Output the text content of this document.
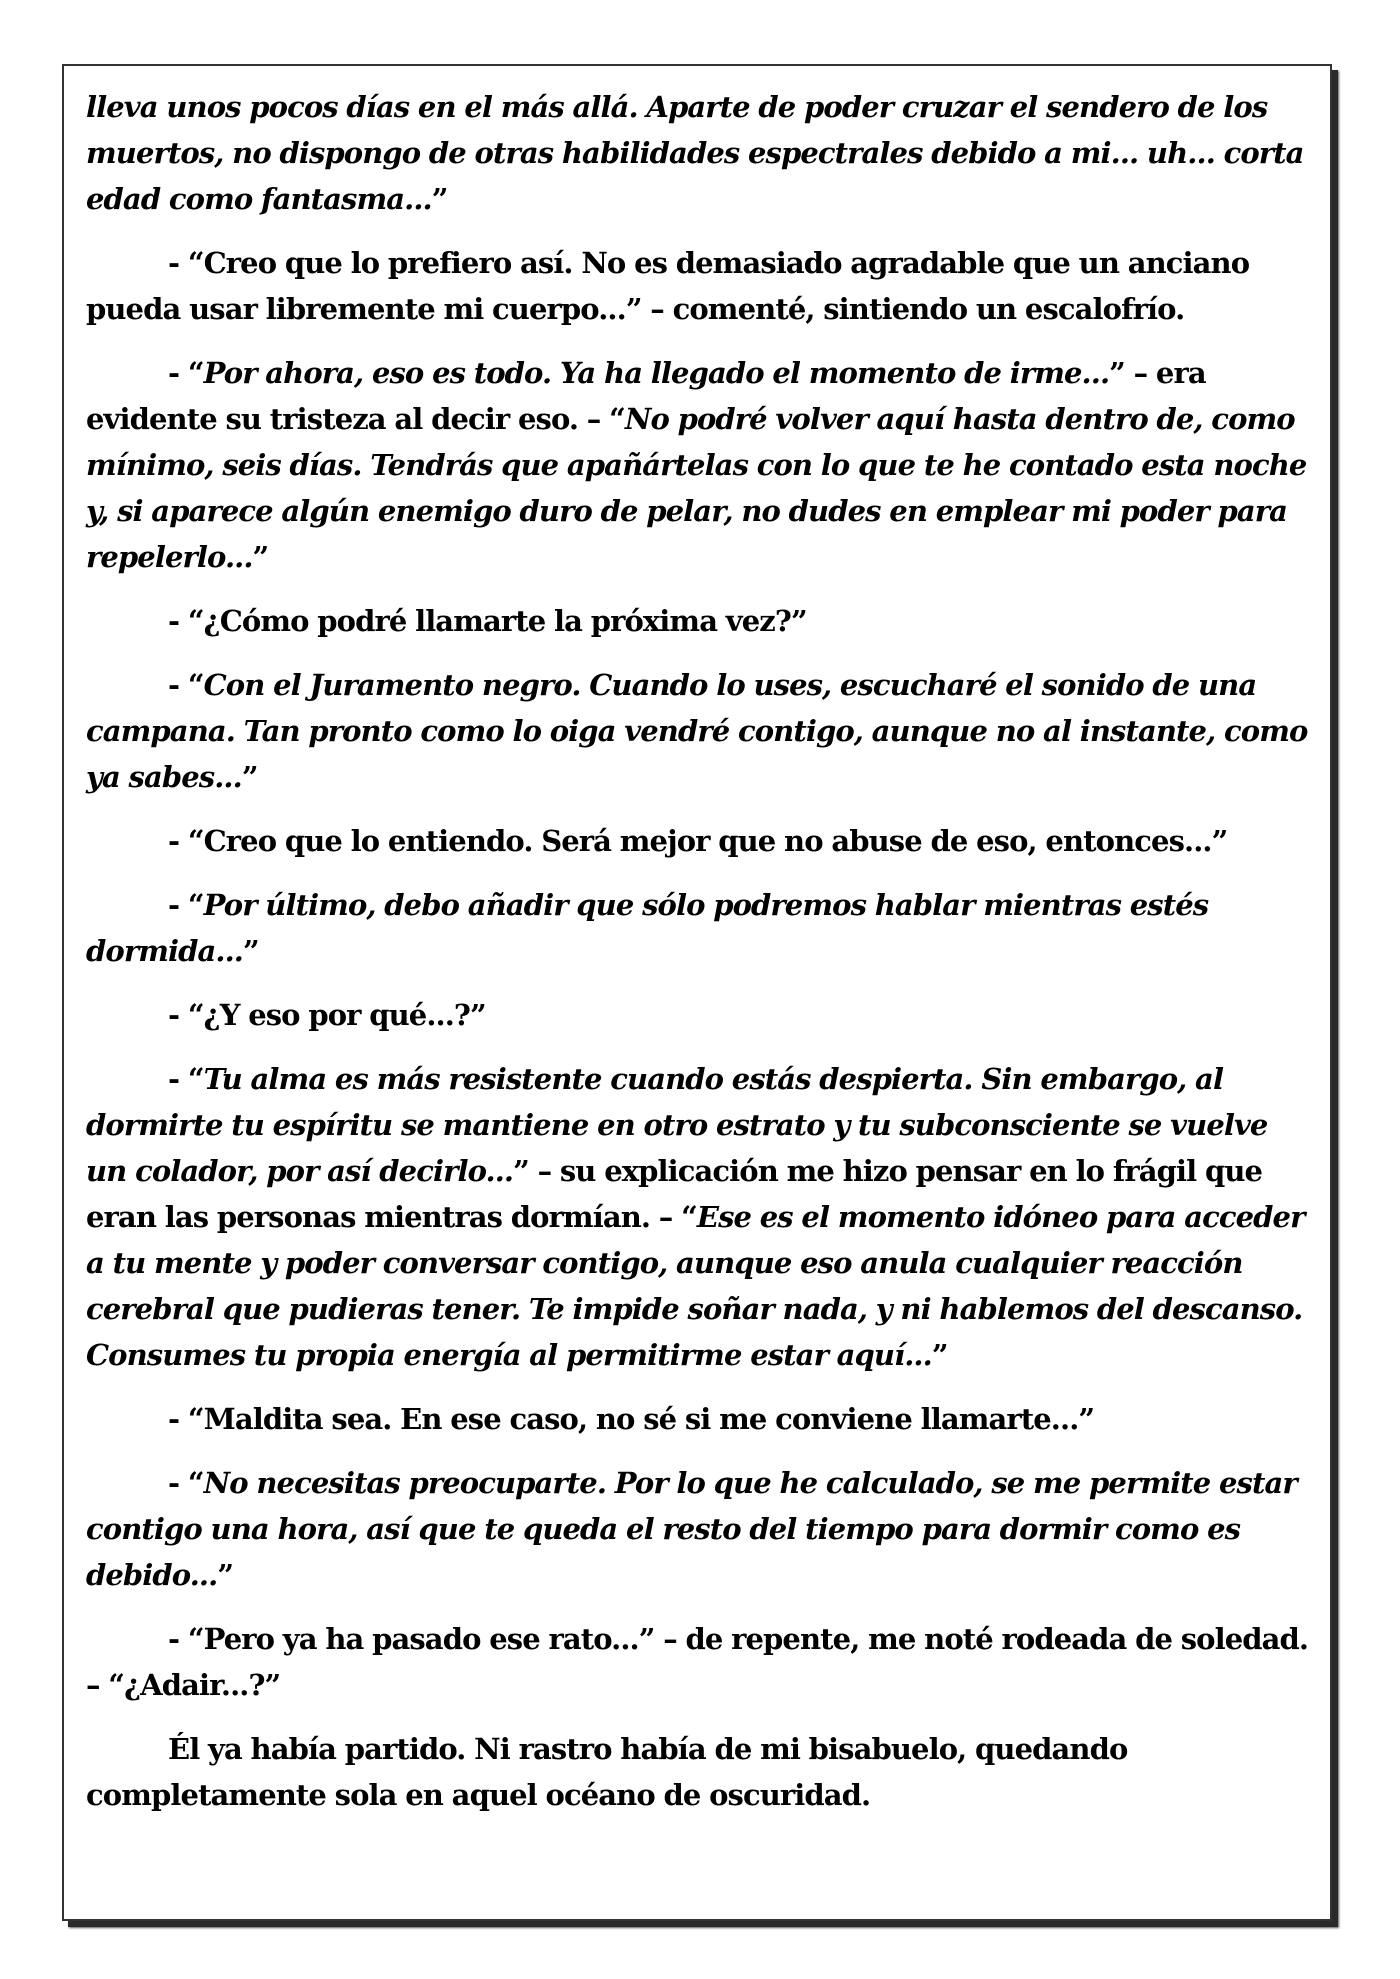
lleva unos pocos días en el más allá. Aparte de poder cruzar el sendero de los muertos, no dispongo de otras habilidades espectrales debido a mi... uh... corta edad como fantasma...”

- “Creo que lo prefiero así. No es demasiado agradable que un anciano pueda usar libremente mi cuerpo...” – comenté, sintiendo un escalofrío.

- “Por ahora, eso es todo. Ya ha llegado el momento de irme...” – era evidente su tristeza al decir eso. – “No podré volver aquí hasta dentro de, como mínimo, seis días. Tendrás que apañártelas con lo que te he contado esta noche y, si aparece algún enemigo duro de pelar, no dudes en emplear mi poder para repelerlo...”

- “¿Cómo podré llamarte la próxima vez?”

- “Con el Juramento negro. Cuando lo uses, escucharé el sonido de una campana. Tan pronto como lo oiga vendré contigo, aunque no al instante, como ya sabes...”

- “Creo que lo entiendo. Será mejor que no abuse de eso, entonces...”

- “Por último, debo añadir que sólo podremos hablar mientras estés dormida...”

- “¿Y eso por qué...?”

- “Tu alma es más resistente cuando estás despierta. Sin embargo, al dormirte tu espíritu se mantiene en otro estrato y tu subconsciente se vuelve un colador, por así decirlo...” – su explicación me hizo pensar en lo frágil que eran las personas mientras dormían. – “Ese es el momento idóneo para acceder a tu mente y poder conversar contigo, aunque eso anula cualquier reacción cerebral que pudieras tener. Te impide soñar nada, y ni hablemos del descanso. Consumes tu propia energía al permitirme estar aquí...”

- “Maldita sea. En ese caso, no sé si me conviene llamarte...”

- “No necesitas preocuparte. Por lo que he calculado, se me permite estar contigo una hora, así que te queda el resto del tiempo para dormir como es debido...”

- “Pero ya ha pasado ese rato...” – de repente, me noté rodeada de soledad. – “¿Adair...?”

Él ya había partido. Ni rastro había de mi bisabuelo, quedando completamente sola en aquel océano de oscuridad.
